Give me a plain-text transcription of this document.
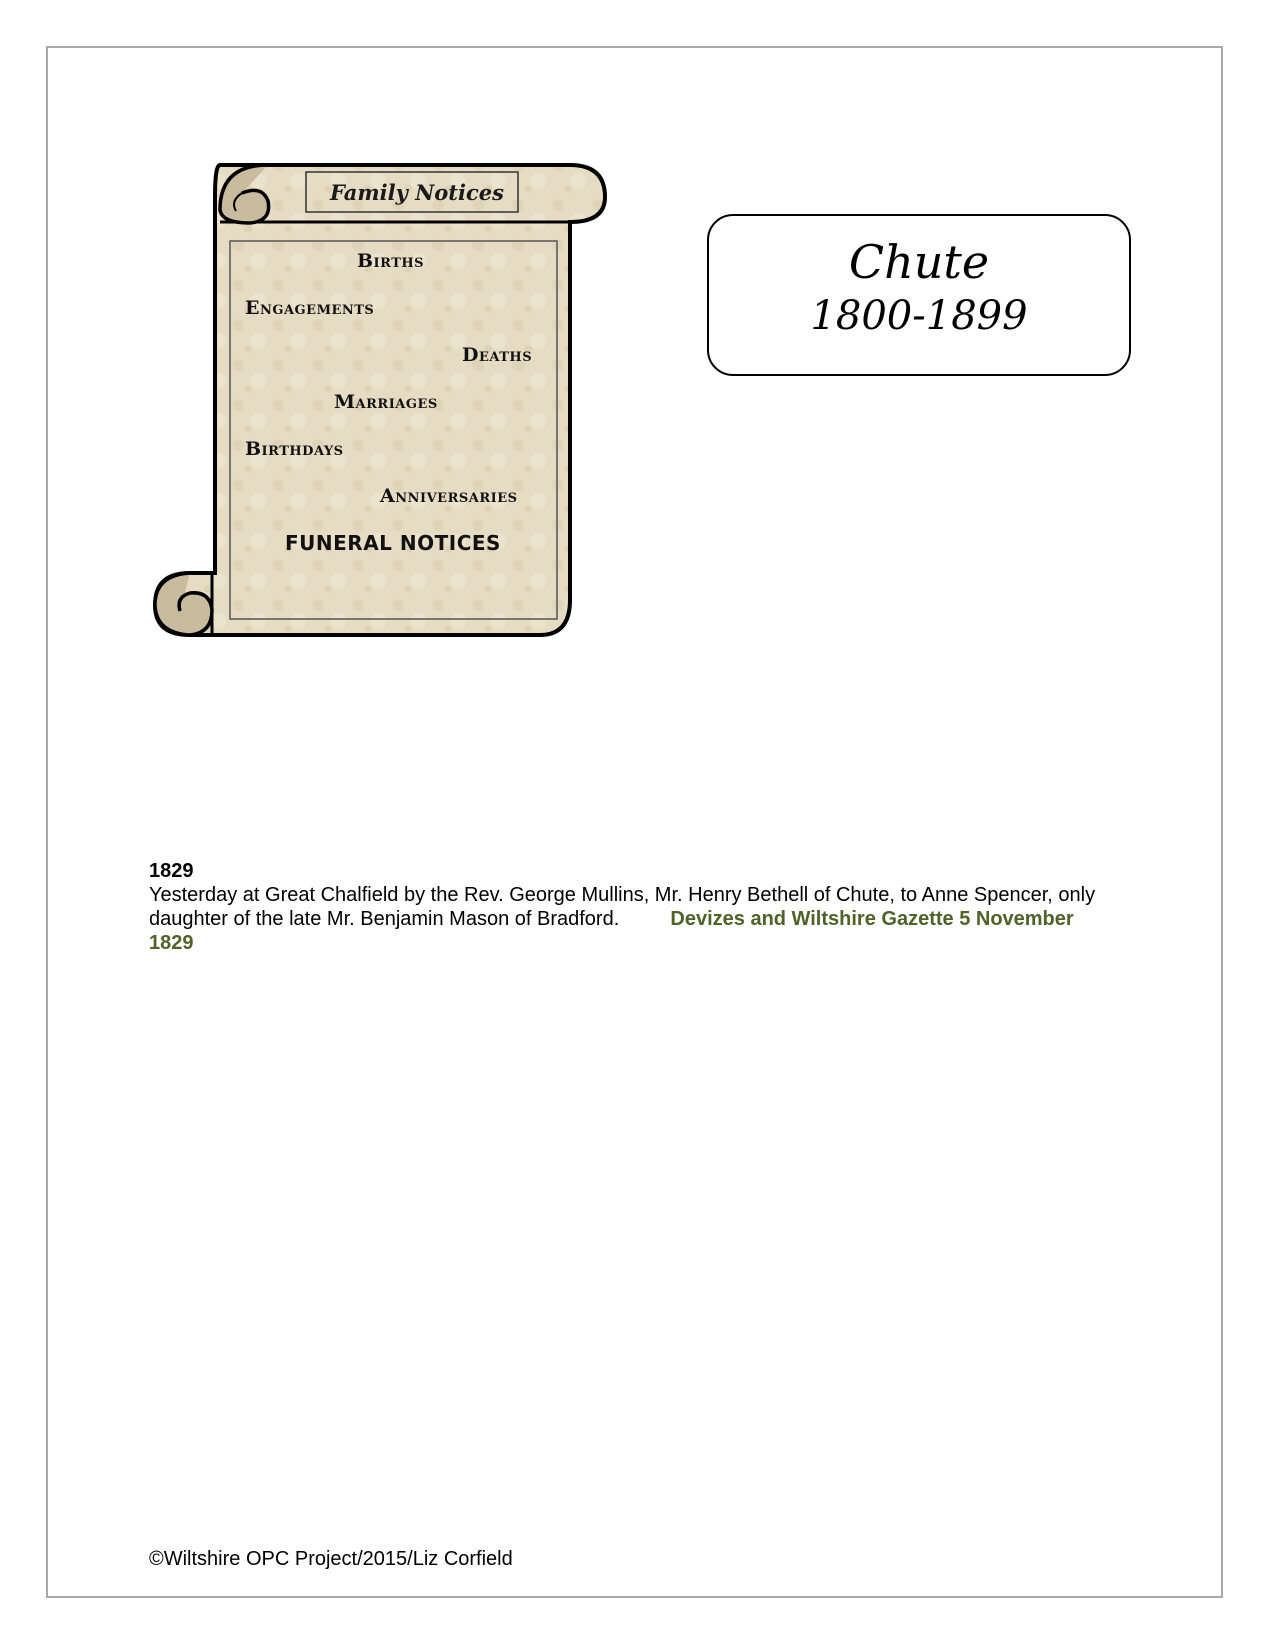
Family Notices
Births
Engagements
Deaths
Marriages
Birthdays
Anniversaries
FUNERAL NOTICES
Chute
1800-1899
1829
Yesterday at Great Chalfield by the Rev. George Mullins, Mr. Henry Bethell of Chute, to Anne Spencer, only daughter of the late Mr. Benjamin Mason of Bradford.	Devizes and Wiltshire Gazette 5 November 1829
©Wiltshire OPC Project/2015/Liz Corfield
